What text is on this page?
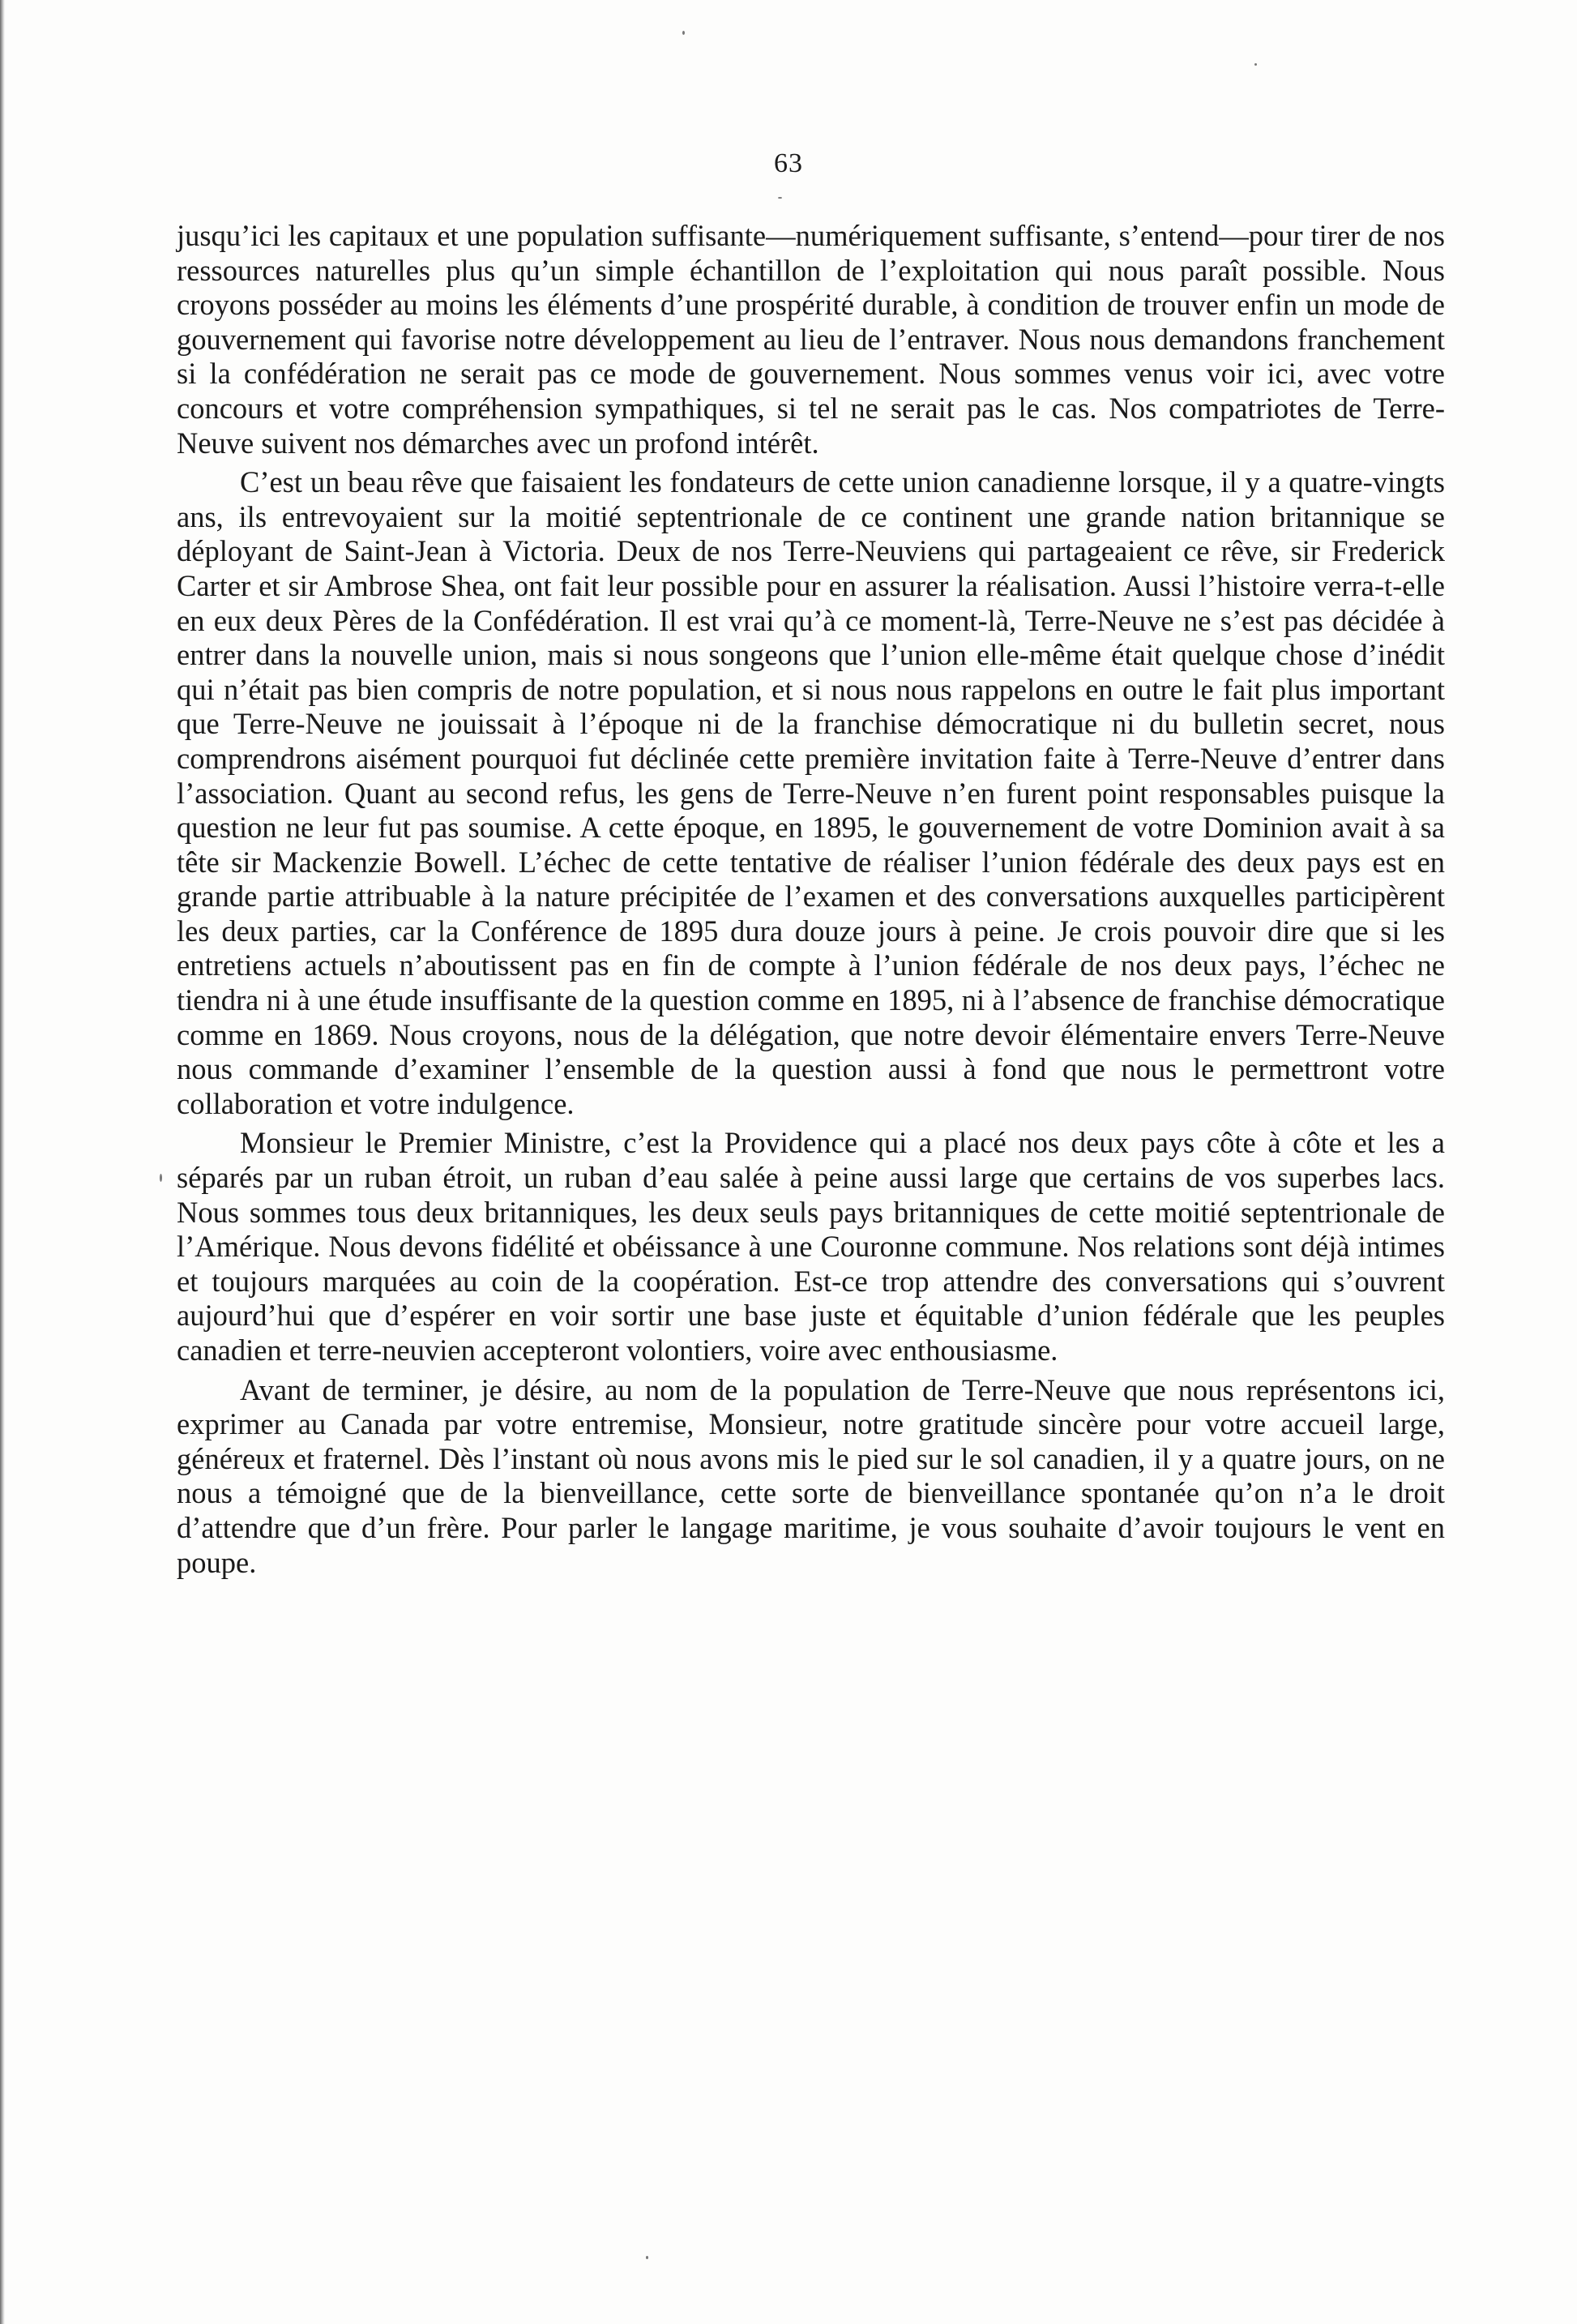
63

jusqu’ici les capitaux et une population suffisante—numériquement suffisante, s’entend—pour tirer de nos ressources naturelles plus qu’un simple échantillon de l’exploitation qui nous paraît possible. Nous croyons posséder au moins les éléments d’une prospérité durable, à condition de trouver enfin un mode de gouvernement qui favorise notre développement au lieu de l’entraver. Nous nous demandons franchement si la confédération ne serait pas ce mode de gouvernement. Nous sommes venus voir ici, avec votre concours et votre compréhension sympathiques, si tel ne serait pas le cas. Nos compatriotes de Terre-Neuve suivent nos démarches avec un profond intérêt.

C’est un beau rêve que faisaient les fondateurs de cette union canadienne lorsque, il y a quatre-vingts ans, ils entrevoyaient sur la moitié septentrionale de ce continent une grande nation britannique se déployant de Saint-Jean à Victoria. Deux de nos Terre-Neuviens qui partageaient ce rêve, sir Frederick Carter et sir Ambrose Shea, ont fait leur possible pour en assurer la réalisation. Aussi l’histoire verra-t-elle en eux deux Pères de la Confédération. Il est vrai qu’à ce moment-là, Terre-Neuve ne s’est pas décidée à entrer dans la nouvelle union, mais si nous songeons que l’union elle-même était quelque chose d’inédit qui n’était pas bien compris de notre population, et si nous nous rappelons en outre le fait plus important que Terre-Neuve ne jouissait à l’époque ni de la franchise démocratique ni du bulletin secret, nous comprendrons aisément pourquoi fut déclinée cette première invitation faite à Terre-Neuve d’entrer dans l’association. Quant au second refus, les gens de Terre-Neuve n’en furent point responsables puisque la question ne leur fut pas soumise. A cette époque, en 1895, le gouvernement de votre Dominion avait à sa tête sir Mackenzie Bowell. L’échec de cette tentative de réaliser l’union fédérale des deux pays est en grande partie attribuable à la nature précipitée de l’examen et des conversations auxquelles participèrent les deux parties, car la Conférence de 1895 dura douze jours à peine. Je crois pouvoir dire que si les entretiens actuels n’aboutissent pas en fin de compte à l’union fédérale de nos deux pays, l’échec ne tiendra ni à une étude insuffisante de la question comme en 1895, ni à l’absence de franchise démocratique comme en 1869. Nous croyons, nous de la délégation, que notre devoir élémentaire envers Terre-Neuve nous commande d’examiner l’ensemble de la question aussi à fond que nous le permettront votre collaboration et votre indulgence.

Monsieur le Premier Ministre, c’est la Providence qui a placé nos deux pays côte à côte et les a séparés par un ruban étroit, un ruban d’eau salée à peine aussi large que certains de vos superbes lacs. Nous sommes tous deux britanniques, les deux seuls pays britanniques de cette moitié septentrionale de l’Amérique. Nous devons fidélité et obéissance à une Couronne commune. Nos relations sont déjà intimes et toujours marquées au coin de la coopération. Est-ce trop attendre des conversations qui s’ouvrent aujourd’hui que d’espérer en voir sortir une base juste et équitable d’union fédérale que les peuples canadien et terre-neuvien accepteront volontiers, voire avec enthousiasme.

Avant de terminer, je désire, au nom de la population de Terre-Neuve que nous représentons ici, exprimer au Canada par votre entremise, Monsieur, notre gratitude sincère pour votre accueil large, généreux et fraternel. Dès l’instant où nous avons mis le pied sur le sol canadien, il y a quatre jours, on ne nous a témoigné que de la bienveillance, cette sorte de bienveillance spontanée qu’on n’a le droit d’attendre que d’un frère. Pour parler le langage maritime, je vous souhaite d’avoir toujours le vent en poupe.
